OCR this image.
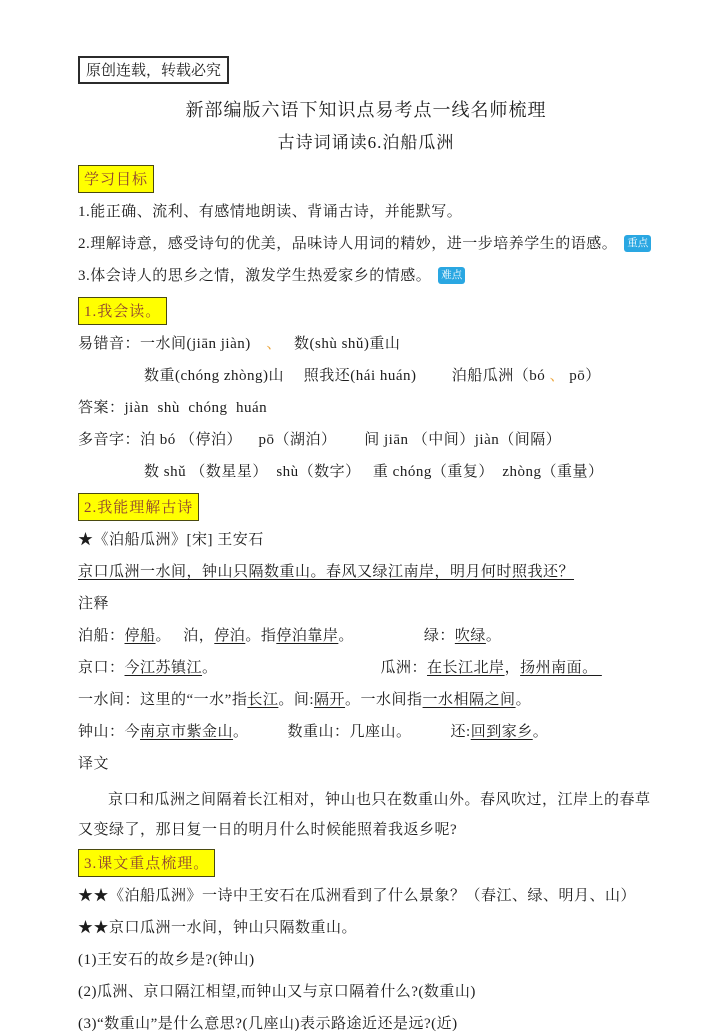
原创连载，转载必究
新部编版六语下知识点易考点一线名师梳理
古诗词诵读6.泊船瓜洲
学习目标

1.能正确、流利、有感情地朗读、背诵古诗，并能默写。

2.理解诗意，感受诗句的优美，品味诗人用词的精妙，进一步培养学生的语感。 重点

3.体会诗人的思乡之情，激发学生热爱家乡的情感。 难点

1.我会读。

易错音：一水间(jiān jiàn)　、　 数(shù shǔ)重山

数重(chóng zhòng)山　 照我还(hái huán)　　 泊船瓜洲（bó 、 pō）

答案：jiàn  shù  chóng  huán

多音字：泊 bó （停泊）　  pō（湖泊）　　 间 jiān （中间）jiàn（间隔）

数 shǔ （数星星）  shù（数字）　 重 chóng（重复）  zhòng（重量）

2.我能理解古诗

★《泊船瓜洲》[宋] 王安石

京口瓜洲一水间，钟山只隔数重山。春风又绿江南岸，明月何时照我还？

注释

泊船：停船。　 泊，停泊。指停泊靠岸。　　　　　绿：吹绿。

京口：今江苏镇江。　　　　　　　　　　　瓜洲：在长江北岸，扬州南面。

一水间：这里的“一水”指长江。间:隔开。一水间指一水相隔之间。

钟山：今南京市紫金山。　　　数重山：几座山。　　　还:回到家乡。

译文

京口和瓜洲之间隔着长江相对，钟山也只在数重山外。春风吹过，江岸上的春草又变绿了，那日复一日的明月什么时候能照着我返乡呢?

3.课文重点梳理。

★★《泊船瓜洲》一诗中王安石在瓜洲看到了什么景象？（春江、绿、明月、山）

★★京口瓜洲一水间，钟山只隔数重山。

(1)王安石的故乡是?(钟山)

(2)瓜洲、京口隔江相望,而钟山又与京口隔着什么?(数重山)

(3)“数重山”是什么意思?(几座山)表示路途近还是远?(近)
